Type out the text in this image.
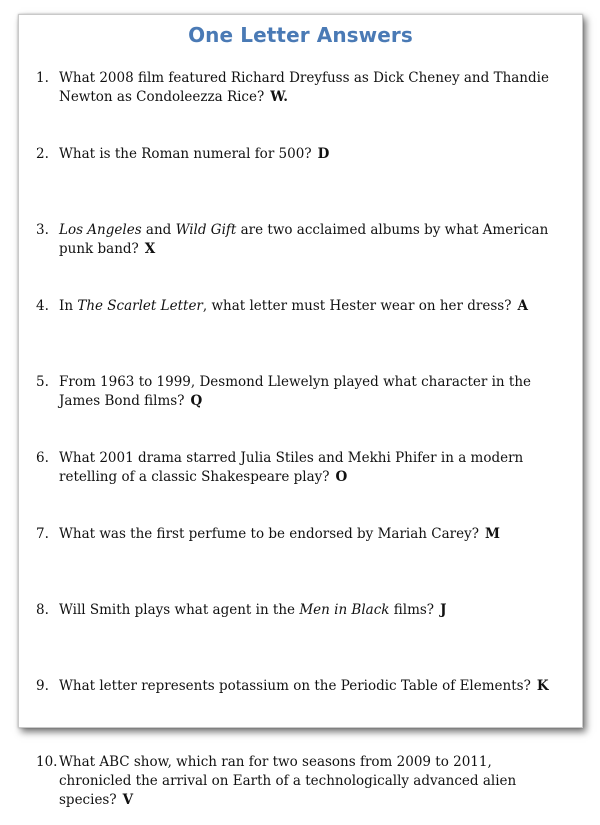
One Letter Answers
1. What 2008 film featured Richard Dreyfuss as Dick Cheney and Thandie Newton as Condoleezza Rice? W.
2. What is the Roman numeral for 500? D
3. Los Angeles and Wild Gift are two acclaimed albums by what American punk band? X
4. In The Scarlet Letter, what letter must Hester wear on her dress? A
5. From 1963 to 1999, Desmond Llewelyn played what character in the James Bond films? Q
6. What 2001 drama starred Julia Stiles and Mekhi Phifer in a modern retelling of a classic Shakespeare play? O
7. What was the first perfume to be endorsed by Mariah Carey? M
8. Will Smith plays what agent in the Men in Black films? J
9. What letter represents potassium on the Periodic Table of Elements? K
10. What ABC show, which ran for two seasons from 2009 to 2011, chronicled the arrival on Earth of a technologically advanced alien species? V
